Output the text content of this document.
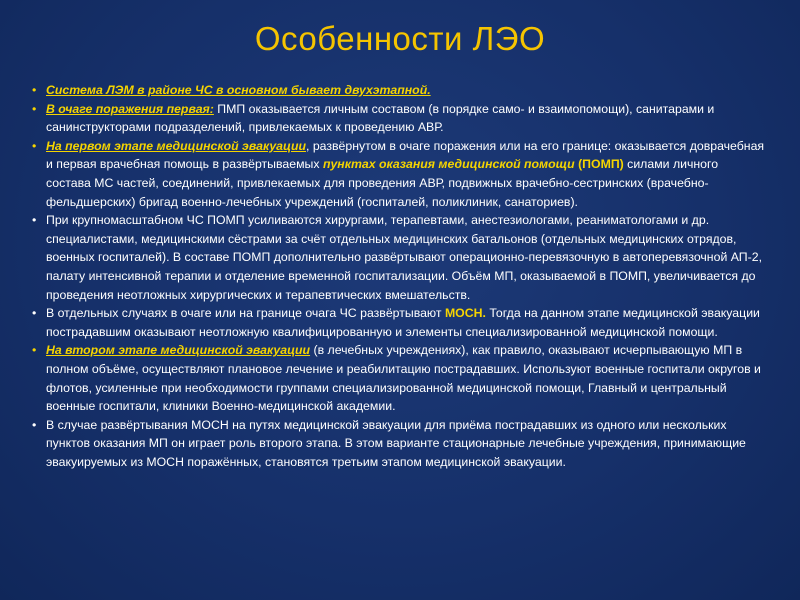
Особенности ЛЭО
• Система ЛЭМ в районе ЧС в основном бывает двухэтапной.
• В очаге поражения первая: ПМП оказывается личным составом (в порядке само- и взаимопомощи), санитарами и санинструкторами подразделений, привлекаемых к проведению АВР.
• На первом этапе медицинской эвакуации, развёрнутом в очаге поражения или на его границе: оказывается доврачебная и первая врачебная помощь в развёртываемых пунктах оказания медицинской помощи (ПОМП) силами личного состава МС частей, соединений, привлекаемых для проведения АВР, подвижных врачебно-сестринских (врачебно-фельдшерских) бригад военно-лечебных учреждений (госпиталей, поликлиник, санаториев).
• При крупномасштабном ЧС ПОМП усиливаются хирургами, терапевтами, анестезиологами, реаниматологами и др. специалистами, медицинскими сёстрами за счёт отдельных медицинских батальонов (отдельных медицинских отрядов, военных госпиталей). В составе ПОМП дополнительно развёртывают операционно-перевязочную в автоперевязочной АП-2, палату интенсивной терапии и отделение временной госпитализации. Объём МП, оказываемой в ПОМП, увеличивается до проведения неотложных хирургических и терапевтических вмешательств.
• В отдельных случаях в очаге или на границе очага ЧС развёртывают МОСН. Тогда на данном этапе медицинской эвакуации пострадавшим оказывают неотложную квалифицированную и элементы специализированной медицинской помощи.
• На втором этапе медицинской эвакуации (в лечебных учреждениях), как правило, оказывают исчерпывающую МП в полном объёме, осуществляют плановое лечение и реабилитацию пострадавших. Используют военные госпитали округов и флотов, усиленные при необходимости группами специализированной медицинской помощи, Главный и центральный военные госпитали, клиники Военно-медицинской академии.
• В случае развёртывания МОСН на путях медицинской эвакуации для приёма пострадавших из одного или нескольких пунктов оказания МП он играет роль второго этапа. В этом варианте стационарные лечебные учреждения, принимающие эвакуируемых из МОСН поражённых, становятся третьим этапом медицинской эвакуации.
